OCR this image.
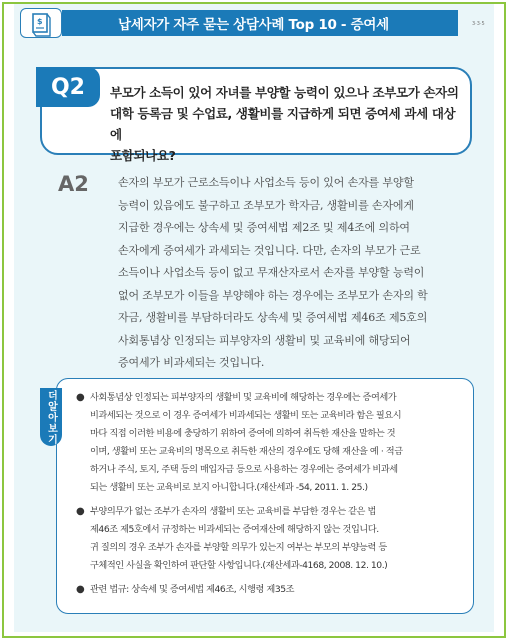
$	납세자가 자주 묻는 상담사례 Top 10 - 증여세	3·3·5
Q2	부모가 소득이 있어 자녀를 부양할 능력이 있으나 조부모가 손자의
대학 등록금 및 수업료, 생활비를 지급하게 되면 증여세 과세 대상에
포함되나요?
A2	손자의 부모가 근로소득이나 사업소득 등이 있어 손자를 부양할
능력이 있음에도 불구하고 조부모가 학자금, 생활비를 손자에게
지급한 경우에는 상속세 및 증여세법 제2조 및 제4조에 의하여
손자에게 증여세가 과세되는 것입니다. 다만, 손자의 부모가 근로
소득이나 사업소득 등이 없고 무재산자로서 손자를 부양할 능력이
없어 조부모가 이들을 부양해야 하는 경우에는 조부모가 손자의 학
자금, 생활비를 부담하더라도 상속세 및 증여세법 제46조 제5호의
사회통념상 인정되는 피부양자의 생활비 및 교육비에 해당되어
증여세가 비과세되는 것입니다.
더알아보기 ● 사회통념상 인정되는 피부양자의 생활비 및 교육비에 해당하는 경우에는 증여세가
비과세되는 것으로 이 경우 증여세가 비과세되는 생활비 또는 교육비라 함은 필요시
마다 직접 이러한 비용에 충당하기 위하여 증여에 의하여 취득한 재산을 말하는 것
이며, 생활비 또는 교육비의 명목으로 취득한 재산의 경우에도 당해 재산을 예 · 적금
하거나 주식, 토지, 주택 등의 매입자금 등으로 사용하는 경우에는 증여세가 비과세
되는 생활비 또는 교육비로 보지 아니합니다.(재산세과 -54, 2011. 1. 25.)
● 부양의무가 없는 조부가 손자의 생활비 또는 교육비를 부담한 경우는 같은 법
제46조 제5호에서 규정하는 비과세되는 증여재산에 해당하지 않는 것입니다.
귀 질의의 경우 조부가 손자를 부양할 의무가 있는지 여부는 부모의 부양능력 등
구체적인 사실을 확인하여 판단할 사항입니다.(재산세과-4168, 2008. 12. 10.)
● 관련 법규: 상속세 및 증여세법 제46조, 시행령 제35조
